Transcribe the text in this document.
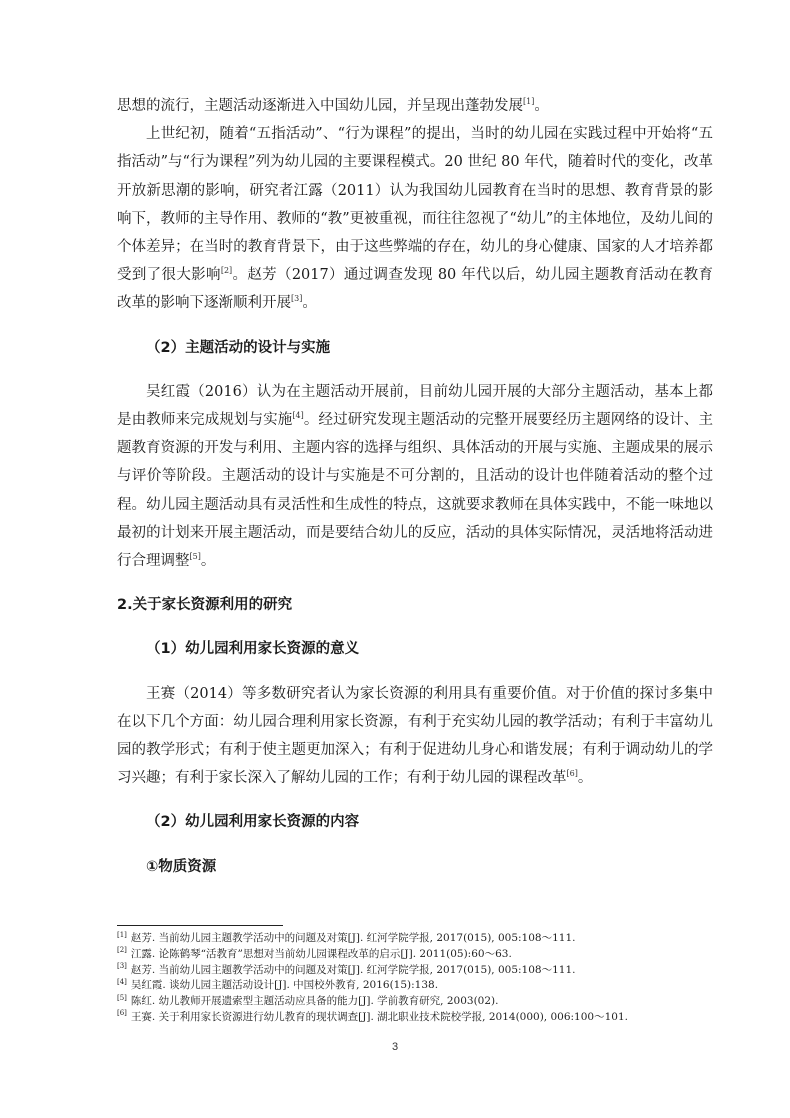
思想的流行，主题活动逐渐进入中国幼儿园，并呈现出蓬勃发展[1]。

上世纪初，随着“五指活动”、“行为课程”的提出，当时的幼儿园在实践过程中开始将“五指活动”与“行为课程”列为幼儿园的主要课程模式。20 世纪 80 年代，随着时代的变化，改革开放新思潮的影响，研究者江露（2011）认为我国幼儿园教育在当时的思想、教育背景的影响下，教师的主导作用、教师的“教”更被重视，而往往忽视了“幼儿”的主体地位，及幼儿间的个体差异；在当时的教育背景下，由于这些弊端的存在，幼儿的身心健康、国家的人才培养都受到了很大影响[2]。赵芳（2017）通过调查发现 80 年代以后，幼儿园主题教育活动在教育改革的影响下逐渐顺利开展[3]。

（2）主题活动的设计与实施

吴红霞（2016）认为在主题活动开展前，目前幼儿园开展的大部分主题活动，基本上都是由教师来完成规划与实施[4]。经过研究发现主题活动的完整开展要经历主题网络的设计、主题教育资源的开发与利用、主题内容的选择与组织、具体活动的开展与实施、主题成果的展示与评价等阶段。主题活动的设计与实施是不可分割的，且活动的设计也伴随着活动的整个过程。幼儿园主题活动具有灵活性和生成性的特点，这就要求教师在具体实践中，不能一味地以最初的计划来开展主题活动，而是要结合幼儿的反应，活动的具体实际情况，灵活地将活动进行合理调整[5]。

2.关于家长资源利用的研究
（1）幼儿园利用家长资源的意义

王赛（2014）等多数研究者认为家长资源的利用具有重要价值。对于价值的探讨多集中在以下几个方面：幼儿园合理利用家长资源，有利于充实幼儿园的教学活动；有利于丰富幼儿园的教学形式；有利于使主题更加深入；有利于促进幼儿身心和谐发展；有利于调动幼儿的学习兴趣；有利于家长深入了解幼儿园的工作；有利于幼儿园的课程改革[6]。

（2）幼儿园利用家长资源的内容
①物质资源
[1] 赵芳. 当前幼儿园主题教学活动中的问题及对策[J]. 红河学院学报, 2017(015), 005:108～111.
[2] 江露. 论陈鹤琴“活教育”思想对当前幼儿园课程改革的启示[J]. 2011(05):60～63.
[3] 赵芳. 当前幼儿园主题教学活动中的问题及对策[J]. 红河学院学报, 2017(015), 005:108～111.
[4] 吴红霞. 谈幼儿园主题活动设计[J]. 中国校外教育, 2016(15):138.
[5] 陈红. 幼儿教师开展遗索型主题活动应具备的能力[J]. 学前教育研究, 2003(02).
[6] 王赛. 关于利用家长资源进行幼儿教育的现状调查[J]. 湖北职业技术院校学报, 2014(000), 006:100～101.
3
